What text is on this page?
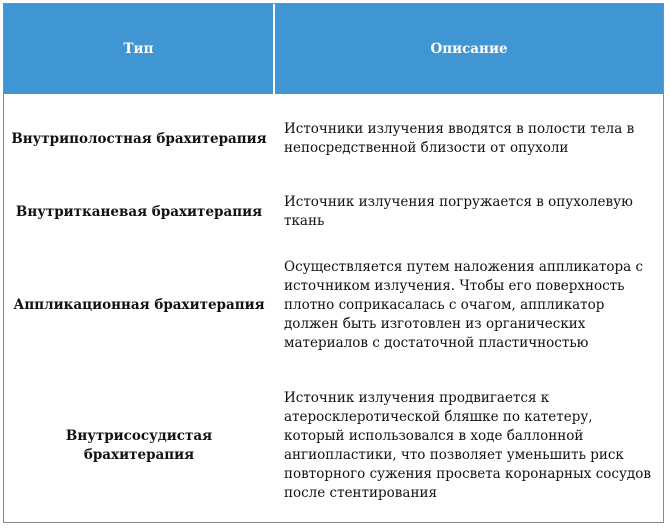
Тип	Описание
Внутриполостная брахитерапия	Источники излучения вводятся в полости тела в непосредственной близости от опухоли
Внутритканевая брахитерапия	Источник излучения погружается в опухолевую ткань
Аппликационная брахитерапия	Осуществляется путем наложения аппликатора с источником излучения. Чтобы его поверхность плотно соприкасалась с очагом, аппликатор должен быть изготовлен из органических материалов с достаточной пластичностью
Внутрисосудистая брахитерапия	Источник излучения продвигается к атеросклеротической бляшке по катетеру, который использовался в ходе баллонной ангиопластики, что позволяет уменьшить риск повторного сужения просвета коронарных сосудов после стентирования
